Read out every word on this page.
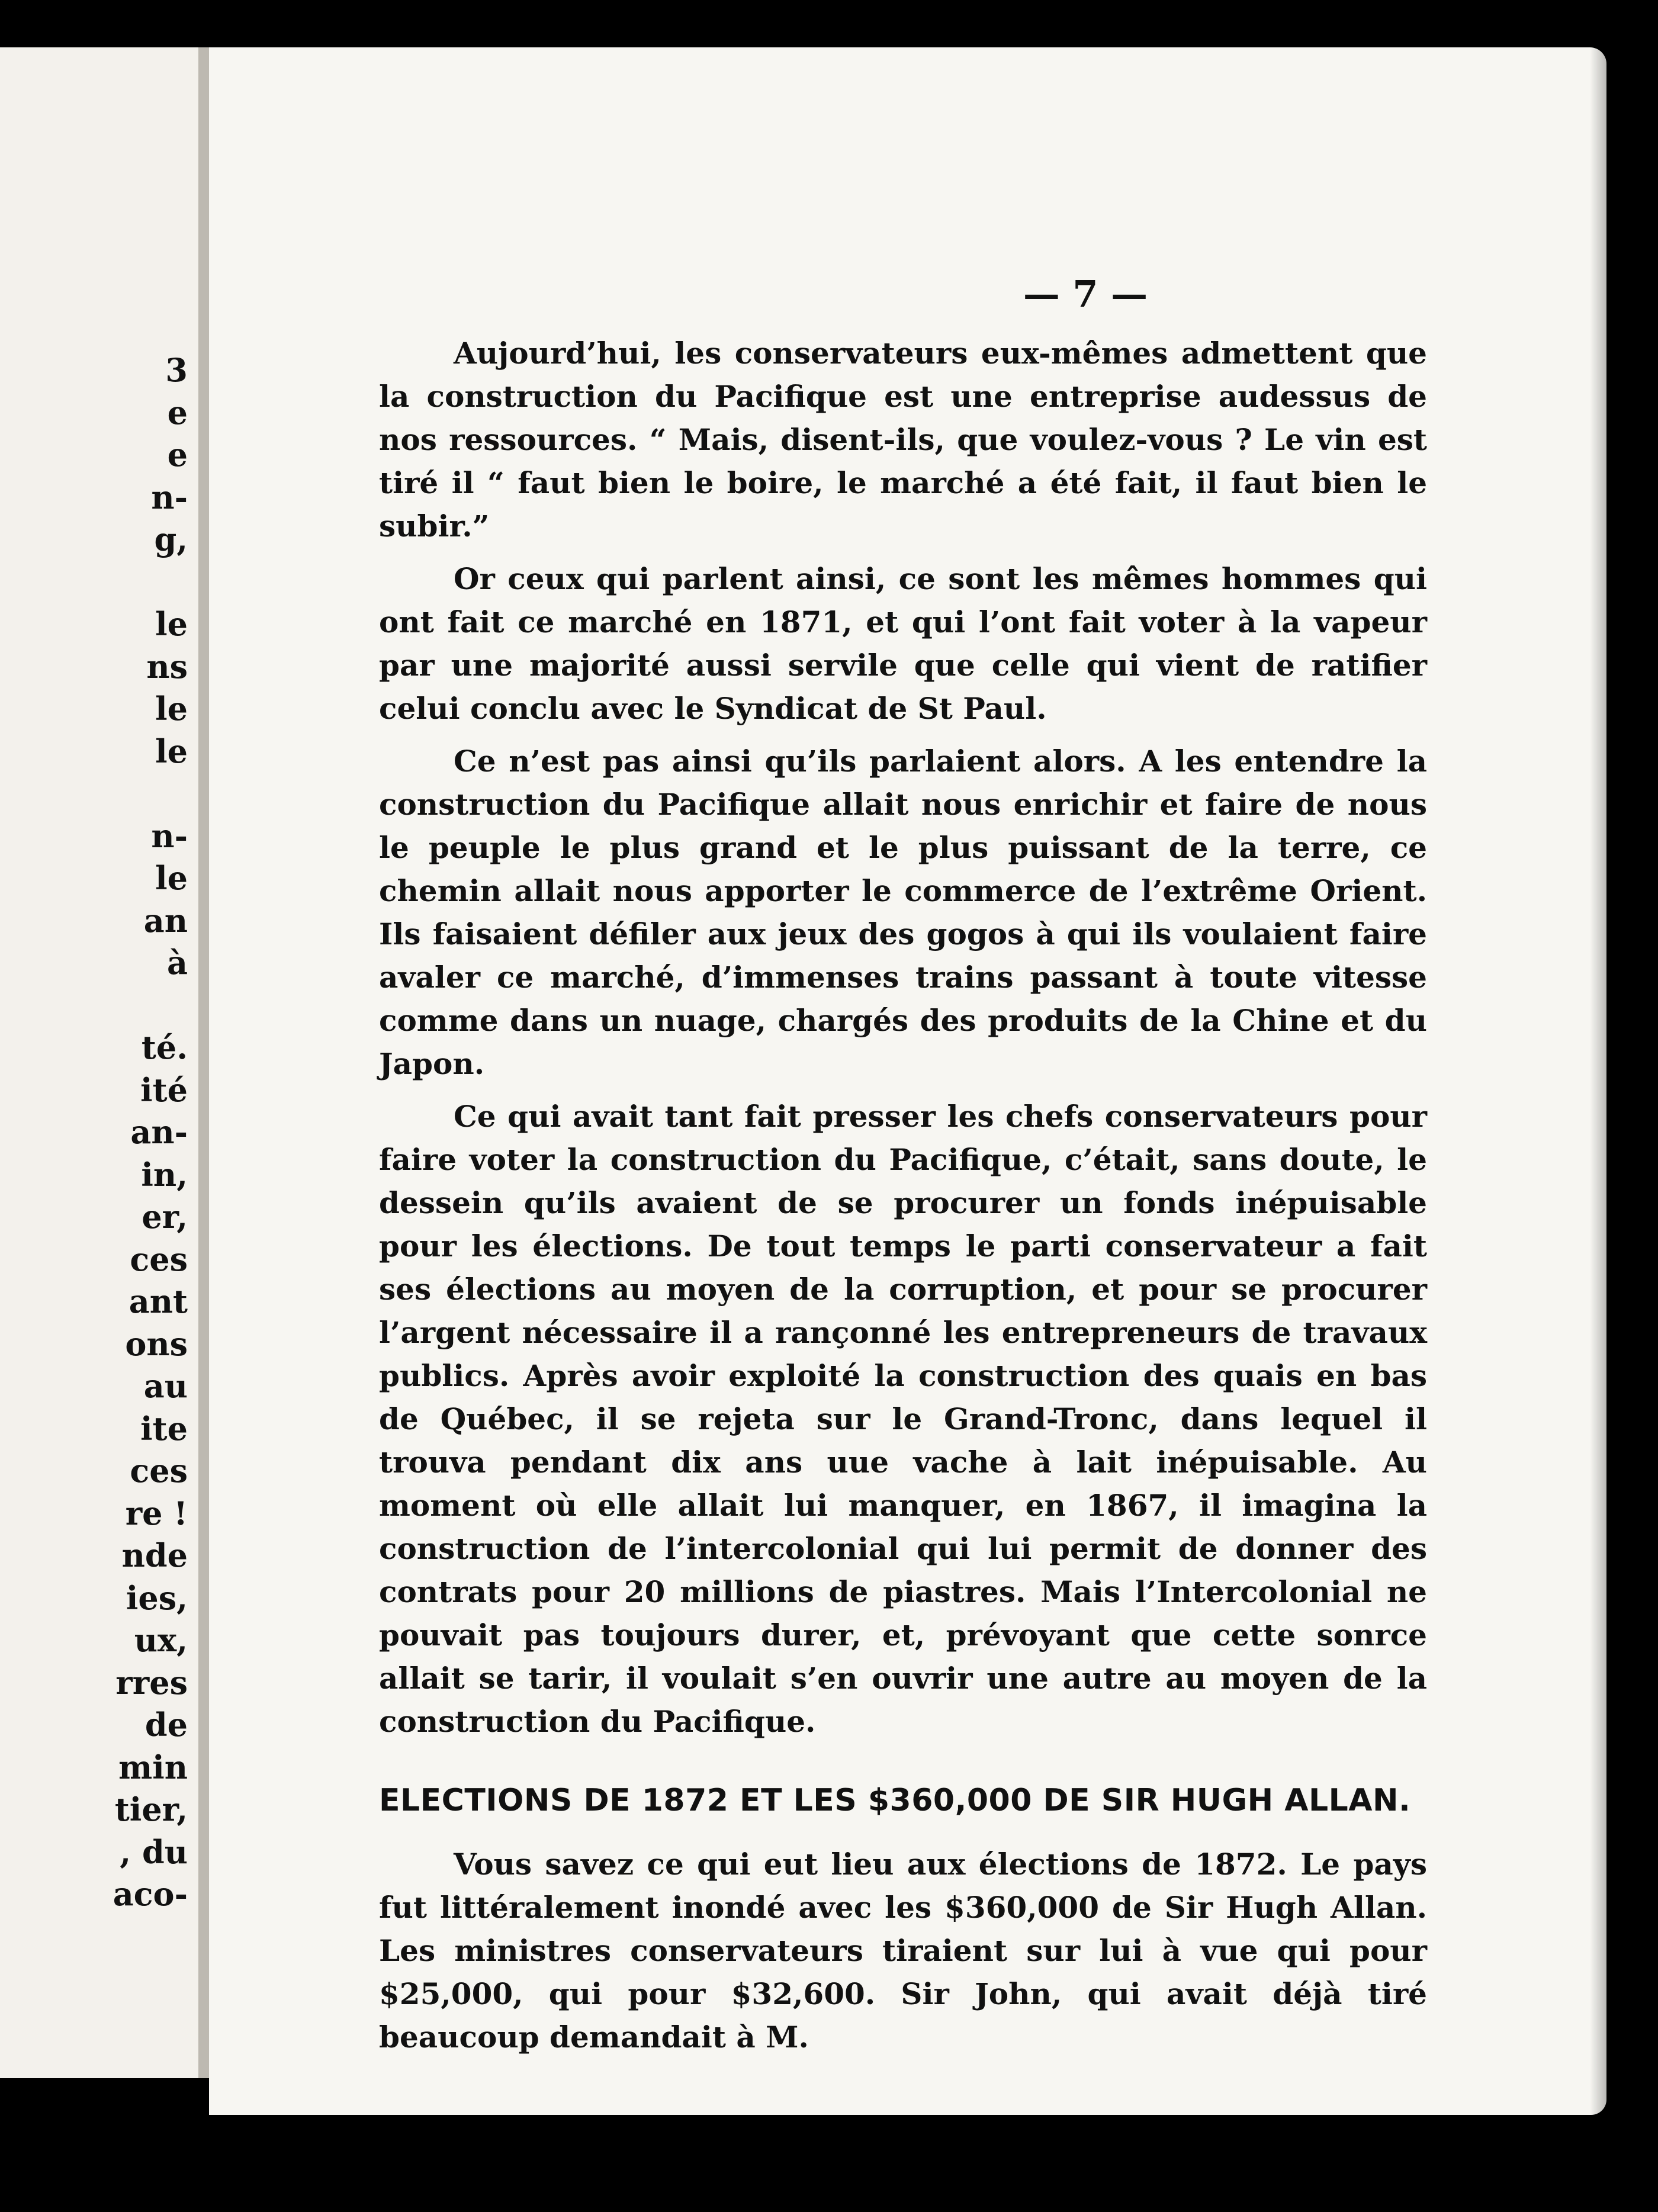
3
e
e
n-
g,
le
ns
le
le
n-
le
an
à
té.
ité
an-
in,
er,
ces
ant
ons
au
ite
ces
re !
nde
ies,
ux,
rres
de
min
tier,
, du
aco-

— 7 —

Aujourd’hui, les conservateurs eux-mêmes admettent que la construction du Pacifique est une entreprise audessus de nos ressources. “ Mais, disent-ils, que voulez-vous ? Le vin est tiré il “ faut bien le boire, le marché a été fait, il faut bien le subir.”

Or ceux qui parlent ainsi, ce sont les mêmes hommes qui ont fait ce marché en 1871, et qui l’ont fait voter à la vapeur par une majorité aussi servile que celle qui vient de ratifier celui conclu avec le Syndicat de St Paul.

Ce n’est pas ainsi qu’ils parlaient alors. A les entendre la construction du Pacifique allait nous enrichir et faire de nous le peuple le plus grand et le plus puissant de la terre, ce chemin allait nous apporter le commerce de l’extrême Orient. Ils faisaient défiler aux jeux des gogos à qui ils voulaient faire avaler ce marché, d’immenses trains passant à toute vitesse comme dans un nuage, chargés des produits de la Chine et du Japon.

Ce qui avait tant fait presser les chefs conservateurs pour faire voter la construction du Pacifique, c’était, sans doute, le dessein qu’ils avaient de se procurer un fonds inépuisable pour les élections. De tout temps le parti conservateur a fait ses élections au moyen de la corruption, et pour se procurer l’argent nécessaire il a rançonné les entrepreneurs de travaux publics. Après avoir exploité la construction des quais en bas de Québec, il se rejeta sur le Grand-Tronc, dans lequel il trouva pendant dix ans uue vache à lait inépuisable. Au moment où elle allait lui manquer, en 1867, il imagina la construction de l’intercolonial qui lui permit de donner des contrats pour 20 millions de piastres. Mais l’Intercolonial ne pouvait pas toujours durer, et, prévoyant que cette sonrce allait se tarir, il voulait s’en ouvrir une autre au moyen de la construction du Pacifique.

ELECTIONS DE 1872 ET LES $360,000 DE SIR HUGH ALLAN.

Vous savez ce qui eut lieu aux élections de 1872. Le pays fut littéralement inondé avec les $360,000 de Sir Hugh Allan. Les ministres conservateurs tiraient sur lui à vue qui pour $25,000, qui pour $32,600. Sir John, qui avait déjà tiré beaucoup demandait à M.
